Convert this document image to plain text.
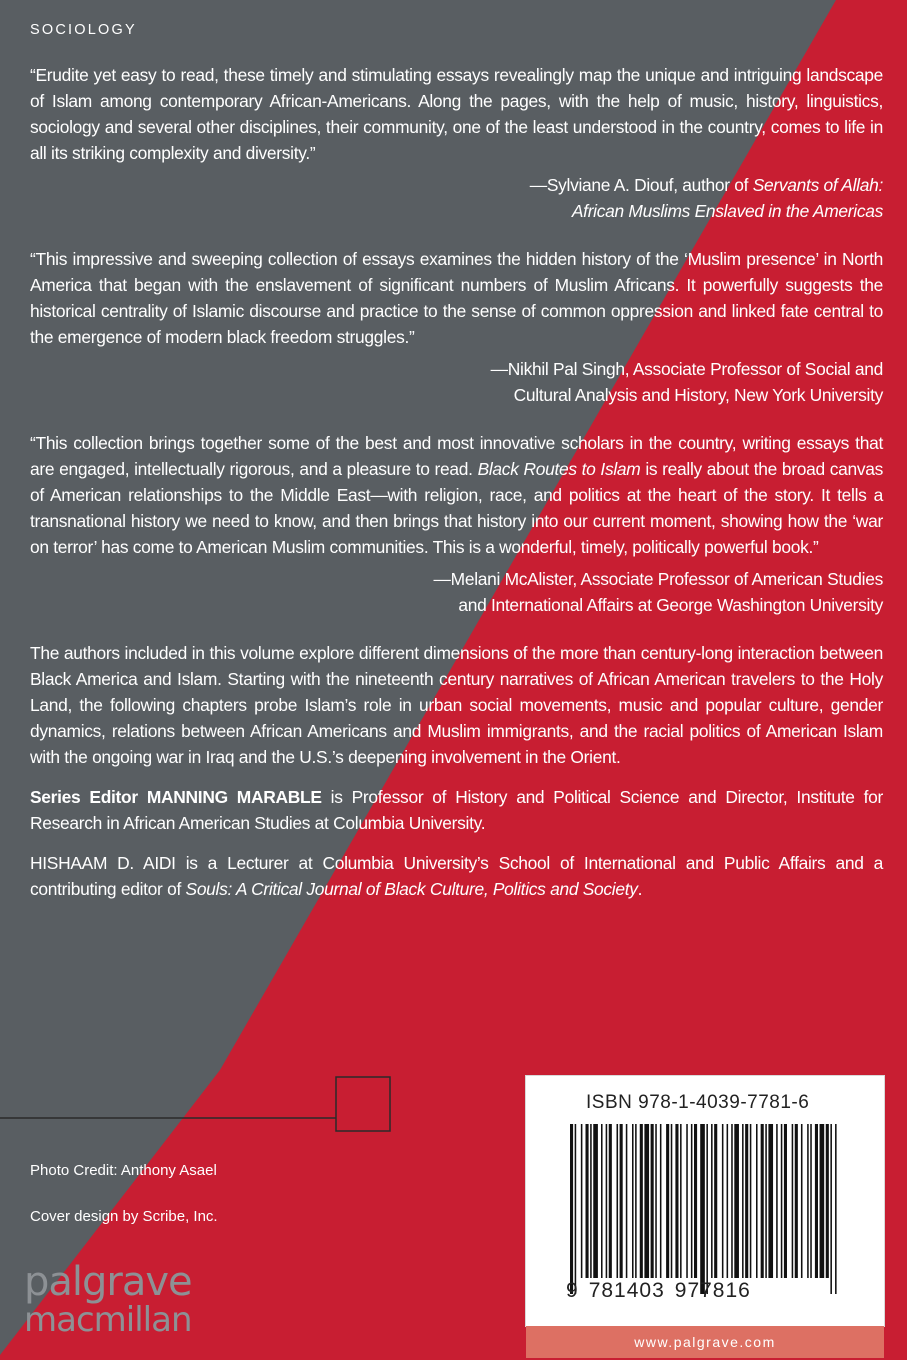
SOCIOLOGY

“Erudite yet easy to read, these timely and stimulating essays revealingly map the unique and intriguing landscape of Islam among contemporary African-Americans. Along the pages, with the help of music, history, linguistics, sociology and several other disciplines, their community, one of the least understood in the country, comes to life in all its striking complexity and diversity.”

—Sylviane A. Diouf, author of Servants of Allah:
African Muslims Enslaved in the Americas

“This impressive and sweeping collection of essays examines the hidden history of the ‘Muslim presence’ in North America that began with the enslavement of significant numbers of Muslim Africans. It powerfully suggests the historical centrality of Islamic discourse and practice to the sense of common oppression and linked fate central to the emergence of modern black freedom struggles.”

—Nikhil Pal Singh, Associate Professor of Social and
Cultural Analysis and History, New York University

“This collection brings together some of the best and most innovative scholars in the country, writing essays that are engaged, intellectually rigorous, and a pleasure to read. Black Routes to Islam is really about the broad canvas of American relationships to the Middle East—with religion, race, and politics at the heart of the story. It tells a transnational history we need to know, and then brings that history into our current moment, showing how the ‘war on terror’ has come to American Muslim communities. This is a wonderful, timely, politically powerful book.”

—Melani McAlister, Associate Professor of American Studies
and International Affairs at George Washington University

The authors included in this volume explore different dimensions of the more than century-long interaction between Black America and Islam. Starting with the nineteenth century narratives of African American travelers to the Holy Land, the following chapters probe Islam’s role in urban social movements, music and popular culture, gender dynamics, relations between African Americans and Muslim immigrants, and the racial politics of American Islam with the ongoing war in Iraq and the U.S.’s deepening involvement in the Orient.

Series Editor MANNING MARABLE is Professor of History and Political Science and Director, Institute for Research in African American Studies at Columbia University.

HISHAAM D. AIDI is a Lecturer at Columbia University’s School of International and Public Affairs and a contributing editor of Souls: A Critical Journal of Black Culture, Politics and Society.

Photo Credit: Anthony Asael

Cover design by Scribe, Inc.

palgrave
macmillan
ISBN 978-1-4039-7781-6
9 781403 977816
www.palgrave.com
